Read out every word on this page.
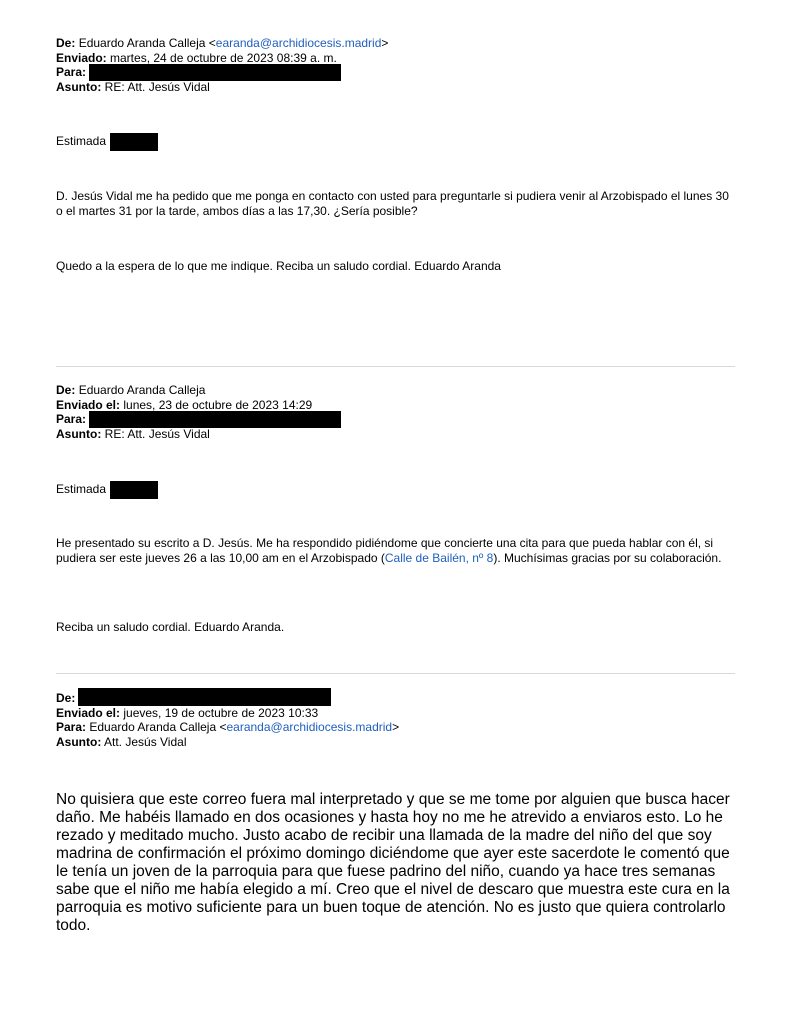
De: Eduardo Aranda Calleja <earanda@archidiocesis.madrid>
Enviado: martes, 24 de octubre de 2023 08:39 a. m.
Para:
Asunto: RE: Att. Jesús Vidal
Estimada
D. Jesús Vidal me ha pedido que me ponga en contacto con usted para preguntarle si pudiera venir al Arzobispado el lunes 30 o el martes 31 por la tarde, ambos días a las 17,30. ¿Sería posible?
Quedo a la espera de lo que me indique. Reciba un saludo cordial. Eduardo Aranda
De: Eduardo Aranda Calleja
Enviado el: lunes, 23 de octubre de 2023 14:29
Para:
Asunto: RE: Att. Jesús Vidal
Estimada
He presentado su escrito a D. Jesús. Me ha respondido pidiéndome que concierte una cita para que pueda hablar con él, si pudiera ser este jueves 26 a las 10,00 am en el Arzobispado (Calle de Bailén, nº 8). Muchísimas gracias por su colaboración.
Reciba un saludo cordial. Eduardo Aranda.
De:
Enviado el: jueves, 19 de octubre de 2023 10:33
Para: Eduardo Aranda Calleja <earanda@archidiocesis.madrid>
Asunto: Att. Jesús Vidal
No quisiera que este correo fuera mal interpretado y que se me tome por alguien que busca hacer daño. Me habéis llamado en dos ocasiones y hasta hoy no me he atrevido a enviaros esto. Lo he rezado y meditado mucho. Justo acabo de recibir una llamada de la madre del niño del que soy madrina de confirmación el próximo domingo diciéndome que ayer este sacerdote le comentó que le tenía un joven de la parroquia para que fuese padrino del niño, cuando ya hace tres semanas sabe que el niño me había elegido a mí. Creo que el nivel de descaro que muestra este cura en la parroquia es motivo suficiente para un buen toque de atención. No es justo que quiera controlarlo todo.
